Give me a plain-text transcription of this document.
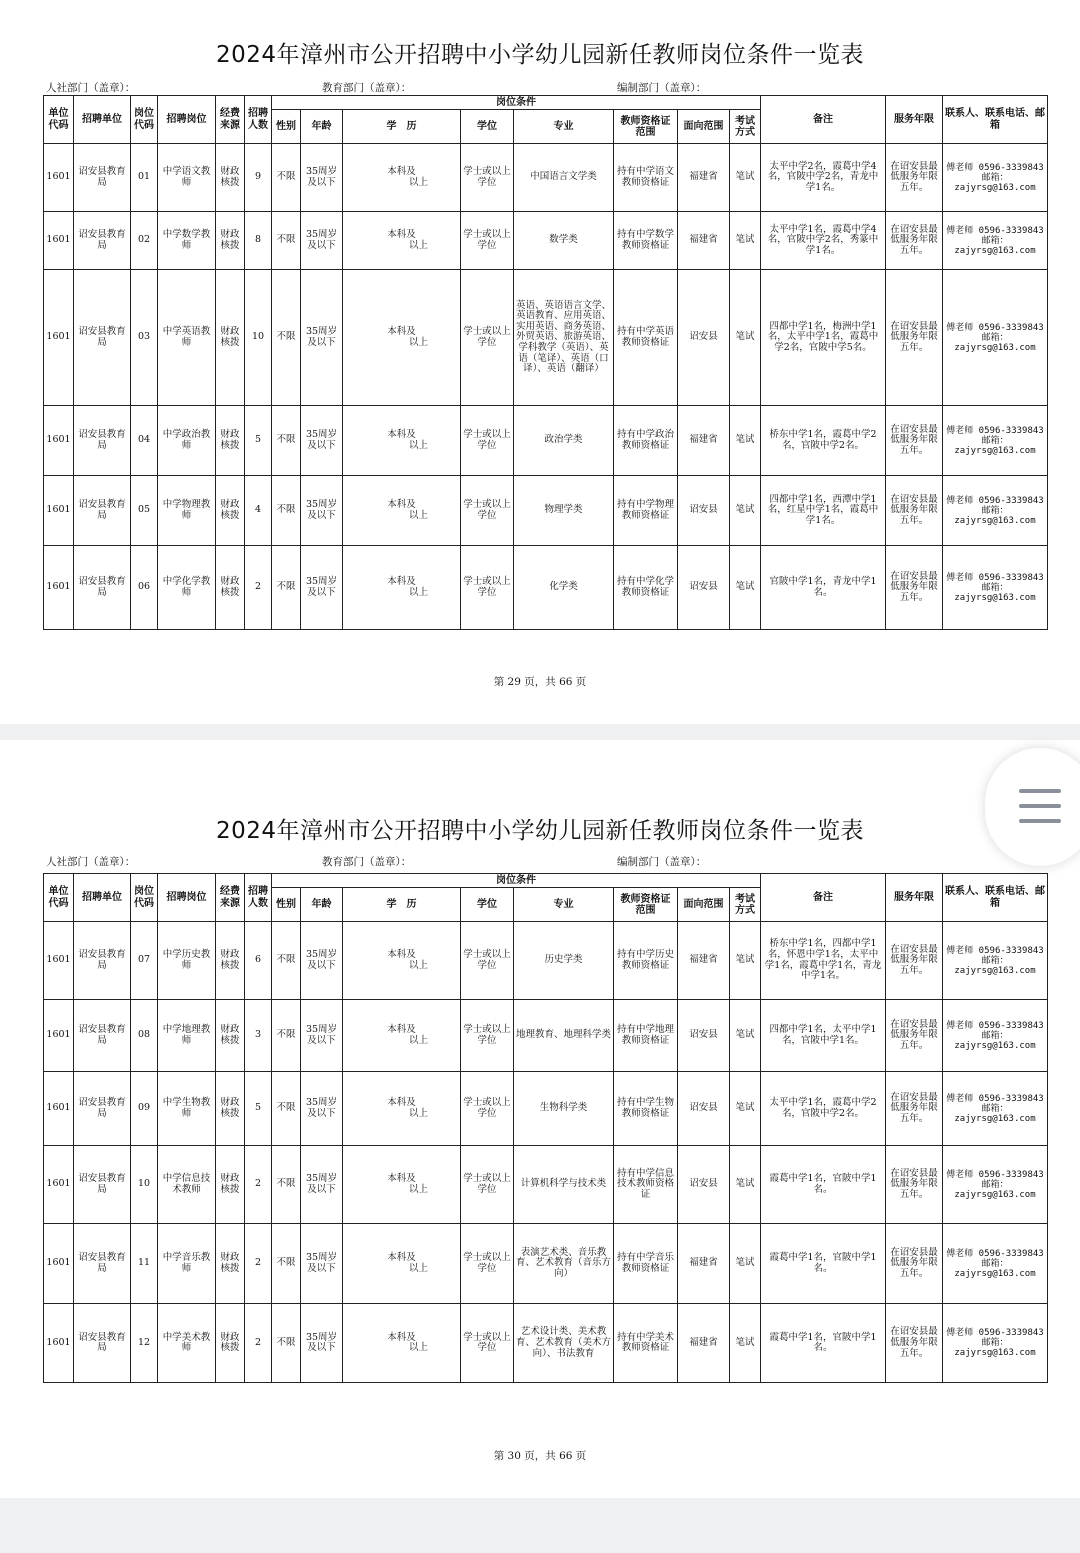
2024年漳州市公开招聘中小学幼儿园新任教师岗位条件一览表
人社部门（盖章）：	教育部门（盖章）：	编制部门（盖章）：
单位代码	招聘单位	岗位代码	招聘岗位	经费来源	招聘人数	岗位条件								备注	服务年限	联系人、联系电话、邮箱
						性别	年龄	学　历	学位	专业	教师资格证范围	面向范围	考试方式			
1601	诏安县教育局	01	中学语文教师	财政核拨	9	不限	35周岁及以下	本科及
以上	学士或以上学位	中国语言文学类	持有中学语文教师资格证	福建省	笔试	太平中学2名，霞葛中学4名，官陂中学2名，青龙中学1名。	在诏安县最低服务年限五年。	傅老师 0596-3339843 邮箱：zajyrsg@163.com
1601	诏安县教育局	02	中学数学教师	财政核拨	8	不限	35周岁及以下	本科及
以上	学士或以上学位	数学类	持有中学数学教师资格证	福建省	笔试	太平中学1名，霞葛中学4名，官陂中学2名，秀篆中学1名。	在诏安县最低服务年限五年。	傅老师 0596-3339843 邮箱：zajyrsg@163.com
1601	诏安县教育局	03	中学英语教师	财政核拨	10	不限	35周岁及以下	本科及
以上	学士或以上学位	英语、英语语言文学、英语教育、应用英语、实用英语、商务英语、外贸英语、旅游英语、学科教学（英语）、英语（笔译）、英语（口译）、英语（翻译）	持有中学英语教师资格证	诏安县	笔试	四都中学1名，梅洲中学1名，太平中学1名，霞葛中学2名，官陂中学5名。	在诏安县最低服务年限五年。	傅老师 0596-3339843 邮箱：zajyrsg@163.com
1601	诏安县教育局	04	中学政治教师	财政核拨	5	不限	35周岁及以下	本科及
以上	学士或以上学位	政治学类	持有中学政治教师资格证	福建省	笔试	桥东中学1名，霞葛中学2名，官陂中学2名。	在诏安县最低服务年限五年。	傅老师 0596-3339843 邮箱：zajyrsg@163.com
1601	诏安县教育局	05	中学物理教师	财政核拨	4	不限	35周岁及以下	本科及
以上	学士或以上学位	物理学类	持有中学物理教师资格证	诏安县	笔试	四都中学1名，西潭中学1名，红星中学1名，霞葛中学1名。	在诏安县最低服务年限五年。	傅老师 0596-3339843 邮箱：zajyrsg@163.com
1601	诏安县教育局	06	中学化学教师	财政核拨	2	不限	35周岁及以下	本科及
以上	学士或以上学位	化学类	持有中学化学教师资格证	诏安县	笔试	官陂中学1名，青龙中学1名。	在诏安县最低服务年限五年。	傅老师 0596-3339843 邮箱：zajyrsg@163.com
第 29 页，共 66 页
2024年漳州市公开招聘中小学幼儿园新任教师岗位条件一览表
人社部门（盖章）：	教育部门（盖章）：	编制部门（盖章）：
单位代码	招聘单位	岗位代码	招聘岗位	经费来源	招聘人数	岗位条件								备注	服务年限	联系人、联系电话、邮箱
						性别	年龄	学　历	学位	专业	教师资格证范围	面向范围	考试方式			
1601	诏安县教育局	07	中学历史教师	财政核拨	6	不限	35周岁及以下	本科及
以上	学士或以上学位	历史学类	持有中学历史教师资格证	福建省	笔试	桥东中学1名，四都中学1名，怀恩中学1名，太平中学1名，霞葛中学1名，青龙中学1名。	在诏安县最低服务年限五年。	傅老师 0596-3339843 邮箱：zajyrsg@163.com
1601	诏安县教育局	08	中学地理教师	财政核拨	3	不限	35周岁及以下	本科及
以上	学士或以上学位	地理教育、地理科学类	持有中学地理教师资格证	诏安县	笔试	四都中学1名，太平中学1名，官陂中学1名。	在诏安县最低服务年限五年。	傅老师 0596-3339843 邮箱：zajyrsg@163.com
1601	诏安县教育局	09	中学生物教师	财政核拨	5	不限	35周岁及以下	本科及
以上	学士或以上学位	生物科学类	持有中学生物教师资格证	诏安县	笔试	太平中学1名，霞葛中学2名，官陂中学2名。	在诏安县最低服务年限五年。	傅老师 0596-3339843 邮箱：zajyrsg@163.com
1601	诏安县教育局	10	中学信息技术教师	财政核拨	2	不限	35周岁及以下	本科及
以上	学士或以上学位	计算机科学与技术类	持有中学信息技术教师资格证	诏安县	笔试	霞葛中学1名，官陂中学1名。	在诏安县最低服务年限五年。	傅老师 0596-3339843 邮箱：zajyrsg@163.com
1601	诏安县教育局	11	中学音乐教师	财政核拨	2	不限	35周岁及以下	本科及
以上	学士或以上学位	表演艺术类、音乐教育、艺术教育（音乐方向）	持有中学音乐教师资格证	福建省	笔试	霞葛中学1名，官陂中学1名。	在诏安县最低服务年限五年。	傅老师 0596-3339843 邮箱：zajyrsg@163.com
1601	诏安县教育局	12	中学美术教师	财政核拨	2	不限	35周岁及以下	本科及
以上	学士或以上学位	艺术设计类、美术教育、艺术教育（美术方向）、书法教育	持有中学美术教师资格证	福建省	笔试	霞葛中学1名，官陂中学1名。	在诏安县最低服务年限五年。	傅老师 0596-3339843 邮箱：zajyrsg@163.com
第 30 页，共 66 页
